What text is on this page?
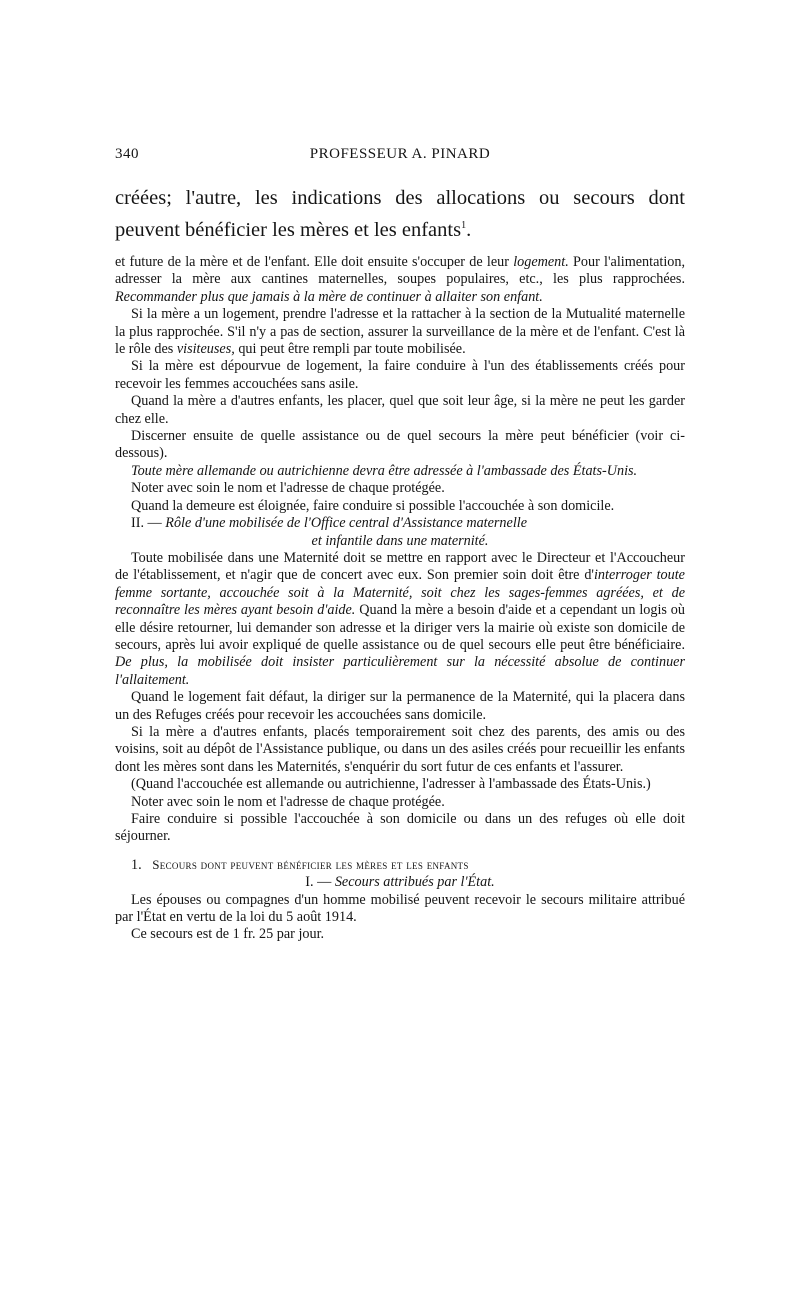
340	PROFESSEUR A. PINARD

créées; l'autre, les indications des allocations ou secours dont peuvent bénéficier les mères et les enfants$^1$.

et future de la mère et de l'enfant. Elle doit ensuite s'occuper de leur logement. Pour l'alimentation, adresser la mère aux cantines maternelles, soupes populaires, etc., les plus rapprochées. Recommander plus que jamais à la mère de continuer à allaiter son enfant.

Si la mère a un logement, prendre l'adresse et la rattacher à la section de la Mutualité maternelle la plus rapprochée. S'il n'y a pas de section, assurer la surveillance de la mère et de l'enfant. C'est là le rôle des visiteuses, qui peut être rempli par toute mobilisée.

Si la mère est dépourvue de logement, la faire conduire à l'un des établissements créés pour recevoir les femmes accouchées sans asile.

Quand la mère a d'autres enfants, les placer, quel que soit leur âge, si la mère ne peut les garder chez elle.

Discerner ensuite de quelle assistance ou de quel secours la mère peut bénéficier (voir ci-dessous).

Toute mère allemande ou autrichienne devra être adressée à l'ambassade des États-Unis.

Noter avec soin le nom et l'adresse de chaque protégée.

Quand la demeure est éloignée, faire conduire si possible l'accouchée à son domicile.

II. — Rôle d'une mobilisée de l'Office central d'Assistance maternelle

et infantile dans une maternité.

Toute mobilisée dans une Maternité doit se mettre en rapport avec le Directeur et l'Accoucheur de l'établissement, et n'agir que de concert avec eux. Son premier soin doit être d'interroger toute femme sortante, accouchée soit à la Maternité, soit chez les sages-femmes agréées, et de reconnaître les mères ayant besoin d'aide. Quand la mère a besoin d'aide et a cependant un logis où elle désire retourner, lui demander son adresse et la diriger vers la mairie où existe son domicile de secours, après lui avoir expliqué de quelle assistance ou de quel secours elle peut être bénéficiaire. De plus, la mobilisée doit insister particulièrement sur la nécessité absolue de continuer l'allaitement.

Quand le logement fait défaut, la diriger sur la permanence de la Maternité, qui la placera dans un des Refuges créés pour recevoir les accouchées sans domicile.

Si la mère a d'autres enfants, placés temporairement soit chez des parents, des amis ou des voisins, soit au dépôt de l'Assistance publique, ou dans un des asiles créés pour recueillir les enfants dont les mères sont dans les Maternités, s'enquérir du sort futur de ces enfants et l'assurer.

(Quand l'accouchée est allemande ou autrichienne, l'adresser à l'ambassade des États-Unis.)

Noter avec soin le nom et l'adresse de chaque protégée.

Faire conduire si possible l'accouchée à son domicile ou dans un des refuges où elle doit séjourner.

1. Secours dont peuvent bénéficier les mères et les enfants

I. — Secours attribués par l'État.

Les épouses ou compagnes d'un homme mobilisé peuvent recevoir le secours militaire attribué par l'État en vertu de la loi du 5 août 1914.

Ce secours est de 1 fr. 25 par jour.
